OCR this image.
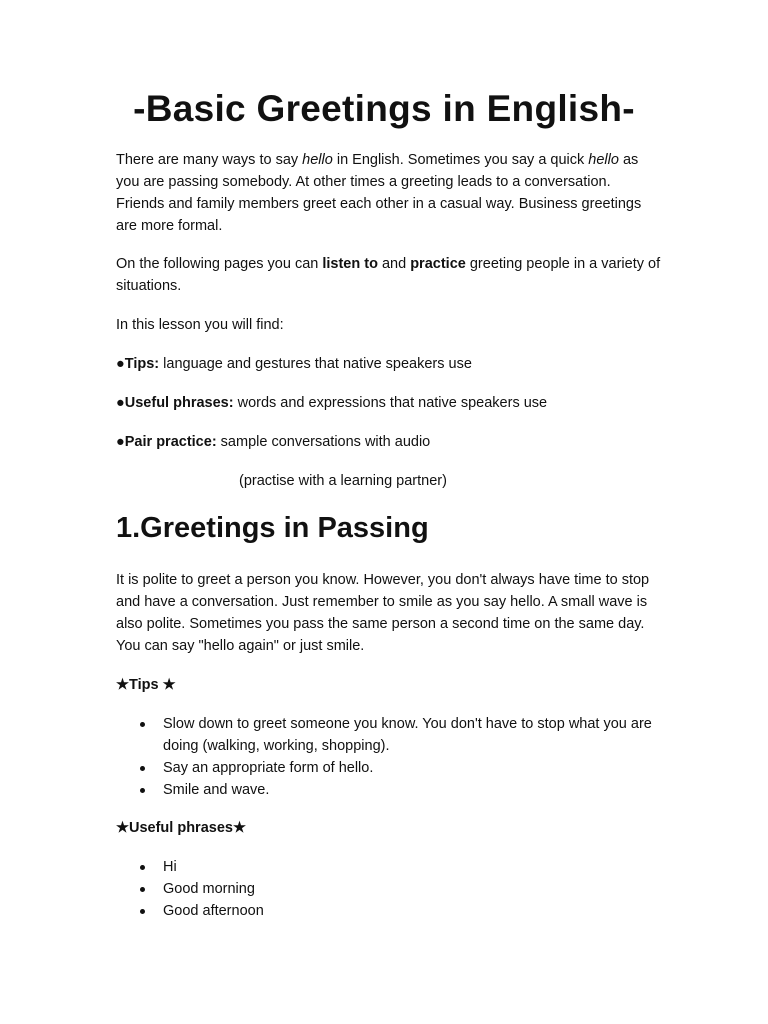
-Basic Greetings in English-

There are many ways to say hello in English. Sometimes you say a quick hello as you are passing somebody. At other times a greeting leads to a conversation. Friends and family members greet each other in a casual way. Business greetings are more formal.

On the following pages you can listen to and practice greeting people in a variety of situations.

In this lesson you will find:

●Tips: language and gestures that native speakers use

●Useful phrases: words and expressions that native speakers use

●Pair practice: sample conversations with audio

(practise with a learning partner)

1.Greetings in Passing

It is polite to greet a person you know. However, you don't always have time to stop and have a conversation. Just remember to smile as you say hello. A small wave is also polite. Sometimes you pass the same person a second time on the same day. You can say "hello again" or just smile.

★Tips ★

Slow down to greet someone you know. You don't have to stop what you are doing (walking, working, shopping).
Say an appropriate form of hello.
Smile and wave.

★Useful phrases★

Hi
Good morning
Good afternoon
